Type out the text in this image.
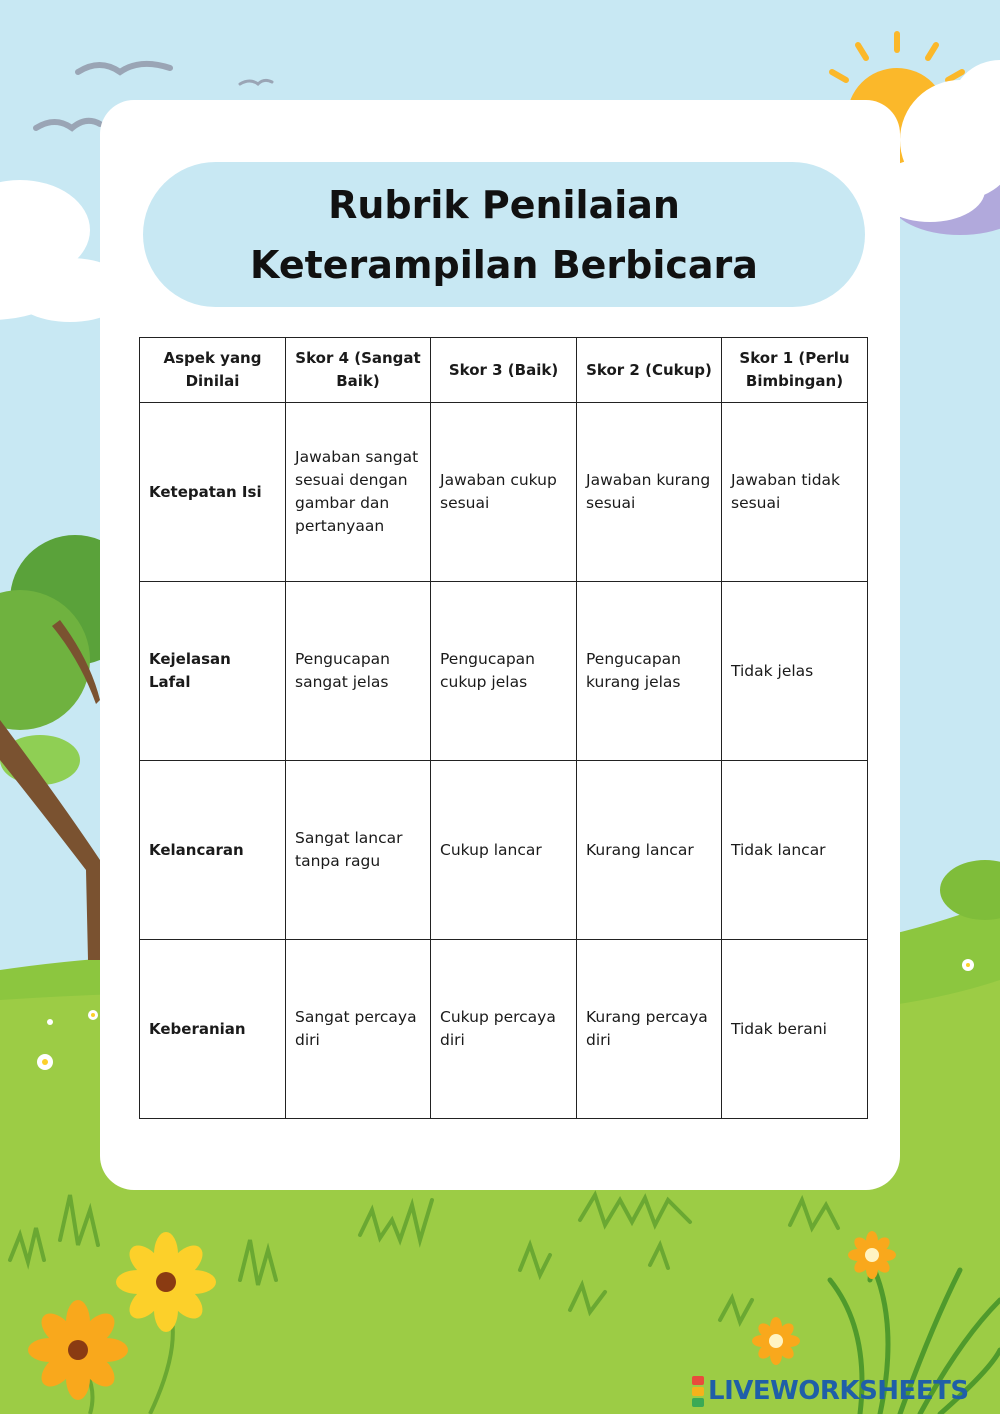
Rubrik Penilaian
Keterampilan Berbicara
Aspek yang Dinilai	Skor 4 (Sangat Baik)	Skor 3 (Baik)	Skor 2 (Cukup)	Skor 1 (Perlu Bimbingan)
Ketepatan Isi	Jawaban sangat sesuai dengan gambar dan pertanyaan	Jawaban cukup sesuai	Jawaban kurang sesuai	Jawaban tidak sesuai
Kejelasan Lafal	Pengucapan sangat jelas	Pengucapan cukup jelas	Pengucapan kurang jelas	Tidak jelas
Kelancaran	Sangat lancar tanpa ragu	Cukup lancar	Kurang lancar	Tidak lancar
Keberanian	Sangat percaya diri	Cukup percaya diri	Kurang percaya diri	Tidak berani
LIVEWORKSHEETS
